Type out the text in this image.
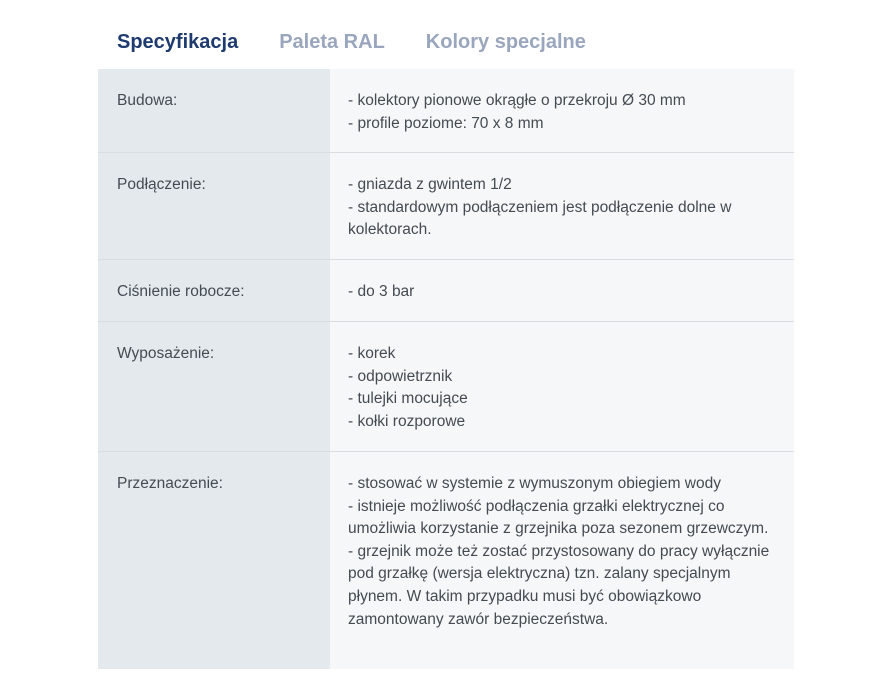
Specyfikacja Paleta RAL Kolory specjalne
Budowa:	- kolektory pionowe okrągłe o przekroju Ø 30 mm
- profile poziome: 70 x 8 mm
Podłączenie:	- gniazda z gwintem 1/2
- standardowym podłączeniem jest podłączenie dolne w kolektorach.
Ciśnienie robocze:	- do 3 bar
Wyposażenie:	- korek
- odpowietrznik
- tulejki mocujące
- kołki rozporowe
Przeznaczenie:	- stosować w systemie z wymuszonym obiegiem wody
- istnieje możliwość podłączenia grzałki elektrycznej co umożliwia korzystanie z grzejnika poza sezonem grzewczym.
- grzejnik może też zostać przystosowany do pracy wyłącznie pod grzałkę (wersja elektryczna) tzn. zalany specjalnym płynem. W takim przypadku musi być obowiązkowo zamontowany zawór bezpieczeństwa.
